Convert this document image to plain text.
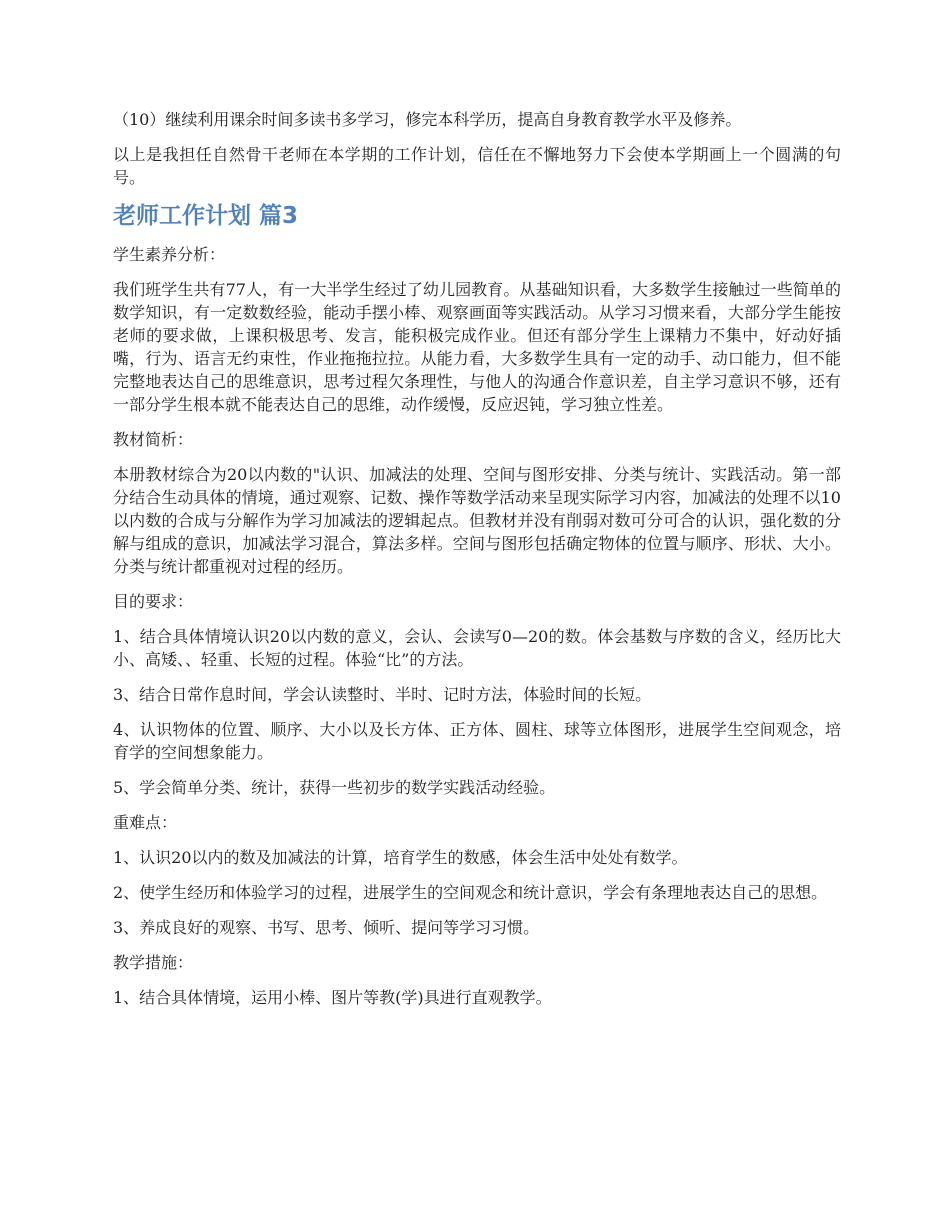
（10）继续利用课余时间多读书多学习，修完本科学历，提高自身教育教学水平及修养。

以上是我担任自然骨干老师在本学期的工作计划，信任在不懈地努力下会使本学期画上一个圆满的句号。

老师工作计划 篇3

学生素养分析：

我们班学生共有77人，有一大半学生经过了幼儿园教育。从基础知识看，大多数学生接触过一些简单的数学知识，有一定数数经验，能动手摆小棒、观察画面等实践活动。从学习习惯来看，大部分学生能按老师的要求做，上课积极思考、发言，能积极完成作业。但还有部分学生上课精力不集中，好动好插嘴，行为、语言无约束性，作业拖拖拉拉。从能力看，大多数学生具有一定的动手、动口能力，但不能完整地表达自己的思维意识，思考过程欠条理性，与他人的沟通合作意识差，自主学习意识不够，还有一部分学生根本就不能表达自己的思维，动作缓慢，反应迟钝，学习独立性差。

教材简析：

本册教材综合为20以内数的"认识、加减法的处理、空间与图形安排、分类与统计、实践活动。第一部分结合生动具体的情境，通过观察、记数、操作等数学活动来呈现实际学习内容，加减法的处理不以10以内数的合成与分解作为学习加减法的逻辑起点。但教材并没有削弱对数可分可合的认识，强化数的分解与组成的意识，加减法学习混合，算法多样。空间与图形包括确定物体的位置与顺序、形状、大小。分类与统计都重视对过程的经历。

目的要求：

1、结合具体情境认识20以内数的意义，会认、会读写0—20的数。体会基数与序数的含义，经历比大小、高矮、、轻重、长短的过程。体验“比”的方法。

3、结合日常作息时间，学会认读整时、半时、记时方法，体验时间的长短。

4、认识物体的位置、顺序、大小以及长方体、正方体、圆柱、球等立体图形，进展学生空间观念，培育学的空间想象能力。

5、学会简单分类、统计，获得一些初步的数学实践活动经验。

重难点：

1、认识20以内的数及加减法的计算，培育学生的数感，体会生活中处处有数学。

2、使学生经历和体验学习的过程，进展学生的空间观念和统计意识，学会有条理地表达自己的思想。

3、养成良好的观察、书写、思考、倾听、提问等学习习惯。

教学措施：

1、结合具体情境，运用小棒、图片等教(学)具进行直观教学。
